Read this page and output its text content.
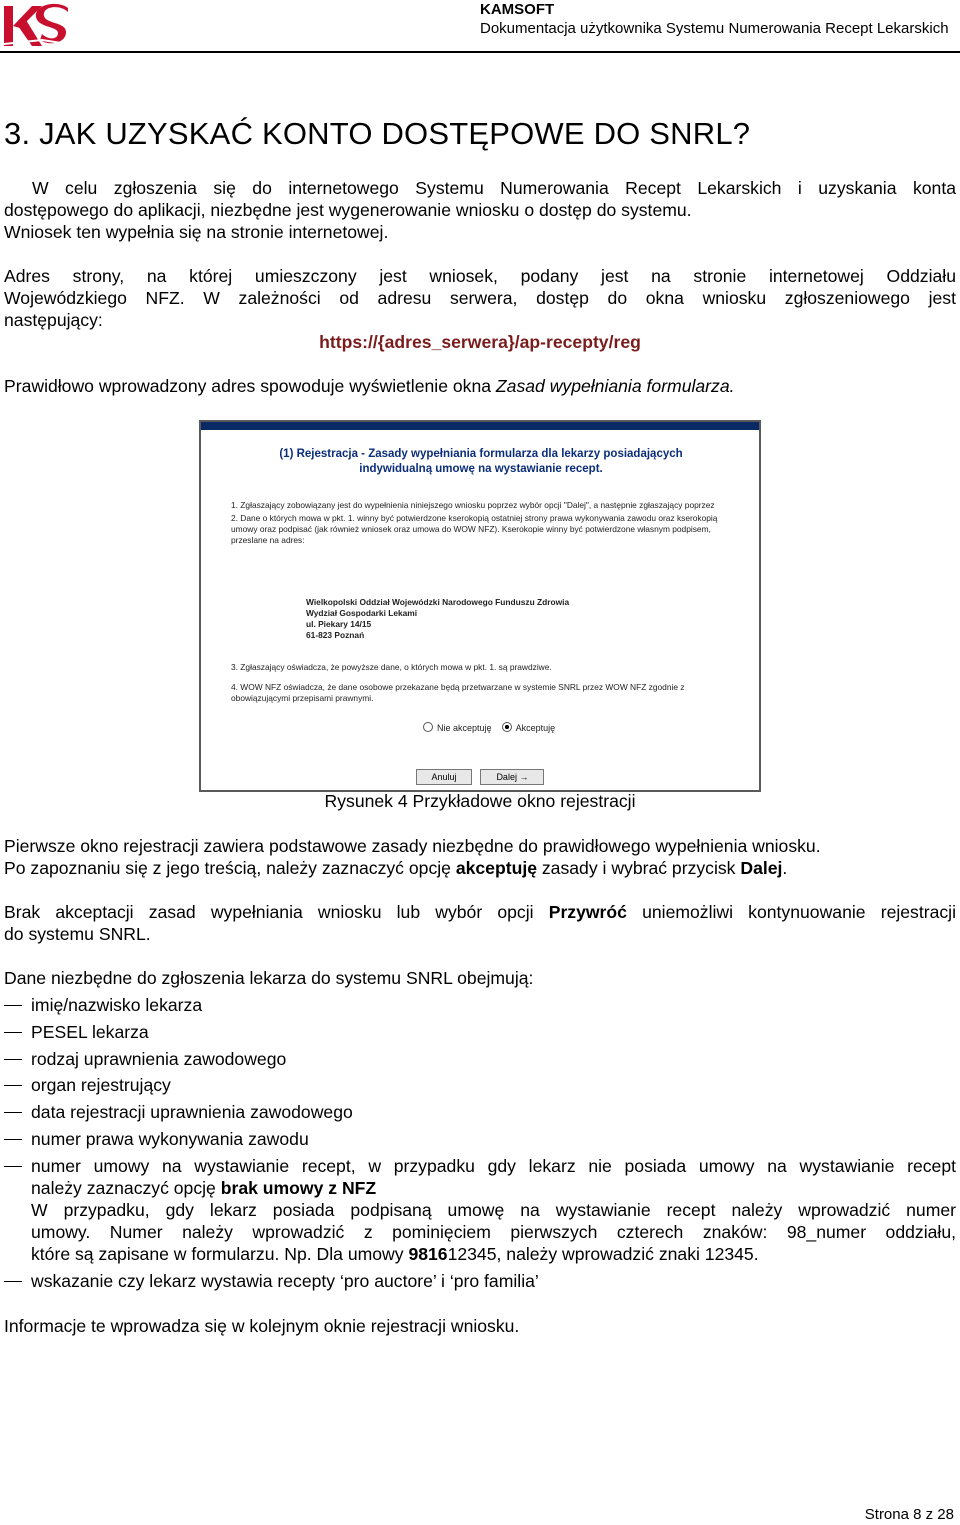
KAMSOFT
Dokumentacja użytkownika Systemu Numerowania Recept Lekarskich
3. JAK UZYSKAĆ KONTO DOSTĘPOWE DO SNRL?
W celu zgłoszenia się do internetowego Systemu Numerowania Recept Lekarskich i uzyskania konta
dostępowego do aplikacji, niezbędne jest wygenerowanie wniosku o dostęp do systemu.
Wniosek ten wypełnia się na stronie internetowej.
Adres strony, na której umieszczony jest wniosek, podany jest na stronie internetowej Oddziału
Wojewódzkiego NFZ. W zależności od adresu serwera, dostęp do okna wniosku zgłoszeniowego jest
następujący:
https://{adres_serwera}/ap-recepty/reg
Prawidłowo wprowadzony adres spowoduje wyświetlenie okna Zasad wypełniania formularza.
(1) Rejestracja - Zasady wypełniania formularza dla lekarzy posiadających
indywidualną umowę na wystawianie recept.

1. Zgłaszający zobowiązany jest do wypełnienia niniejszego wniosku poprzez wybór opcji "Dalej", a następnie zgłaszający poprzez

2. Dane o których mowa w pkt. 1. winny być potwierdzone kserokopią ostatniej strony prawa wykonywania zawodu oraz kserokopią umowy oraz podpisać (jak również wniosek oraz umowa do WOW NFZ). Kserokopie winny być potwierdzone własnym podpisem, przeslane na adres:

Wielkopolski Oddział Wojewódzki Narodowego Funduszu Zdrowia
Wydział Gospodarki Lekami
ul. Piekary 14/15
61-823 Poznań

3. Zgłaszający oświadcza, że powyższe dane, o których mowa w pkt. 1. są prawdziwe.

4. WOW NFZ oświadcza, że dane osobowe przekazane będą przetwarzane w systemie SNRL przez WOW NFZ zgodnie z obowiązującymi przepisami prawnymi.

Nie akceptuję	Akceptuję
Anuluj	Dalej →
Rysunek 4 Przykładowe okno rejestracji
Pierwsze okno rejestracji zawiera podstawowe zasady niezbędne do prawidłowego wypełnienia wniosku.
Po zapoznaniu się z jego treścią, należy zaznaczyć opcję akceptuję zasady i wybrać przycisk Dalej.
Brak akceptacji zasad wypełniania wniosku lub wybór opcji Przywróć uniemożliwi kontynuowanie rejestracji
do systemu SNRL.
Dane niezbędne do zgłoszenia lekarza do systemu SNRL obejmują:
imię/nazwisko lekarza
PESEL lekarza
rodzaj uprawnienia zawodowego
organ rejestrujący
data rejestracji uprawnienia zawodowego
numer prawa wykonywania zawodu
numer umowy na wystawianie recept, w przypadku gdy lekarz nie posiada umowy na wystawianie recept
należy zaznaczyć opcję brak umowy z NFZ
W przypadku, gdy lekarz posiada podpisaną umowę na wystawianie recept należy wprowadzić numer
umowy. Numer należy wprowadzić z pominięciem pierwszych czterech znaków: 98_numer oddziału,
które są zapisane w formularzu. Np. Dla umowy 981612345, należy wprowadzić znaki 12345.
wskazanie czy lekarz wystawia recepty ‘pro auctore’ i ‘pro familia’
Informacje te wprowadza się w kolejnym oknie rejestracji wniosku.
Strona 8 z 28
